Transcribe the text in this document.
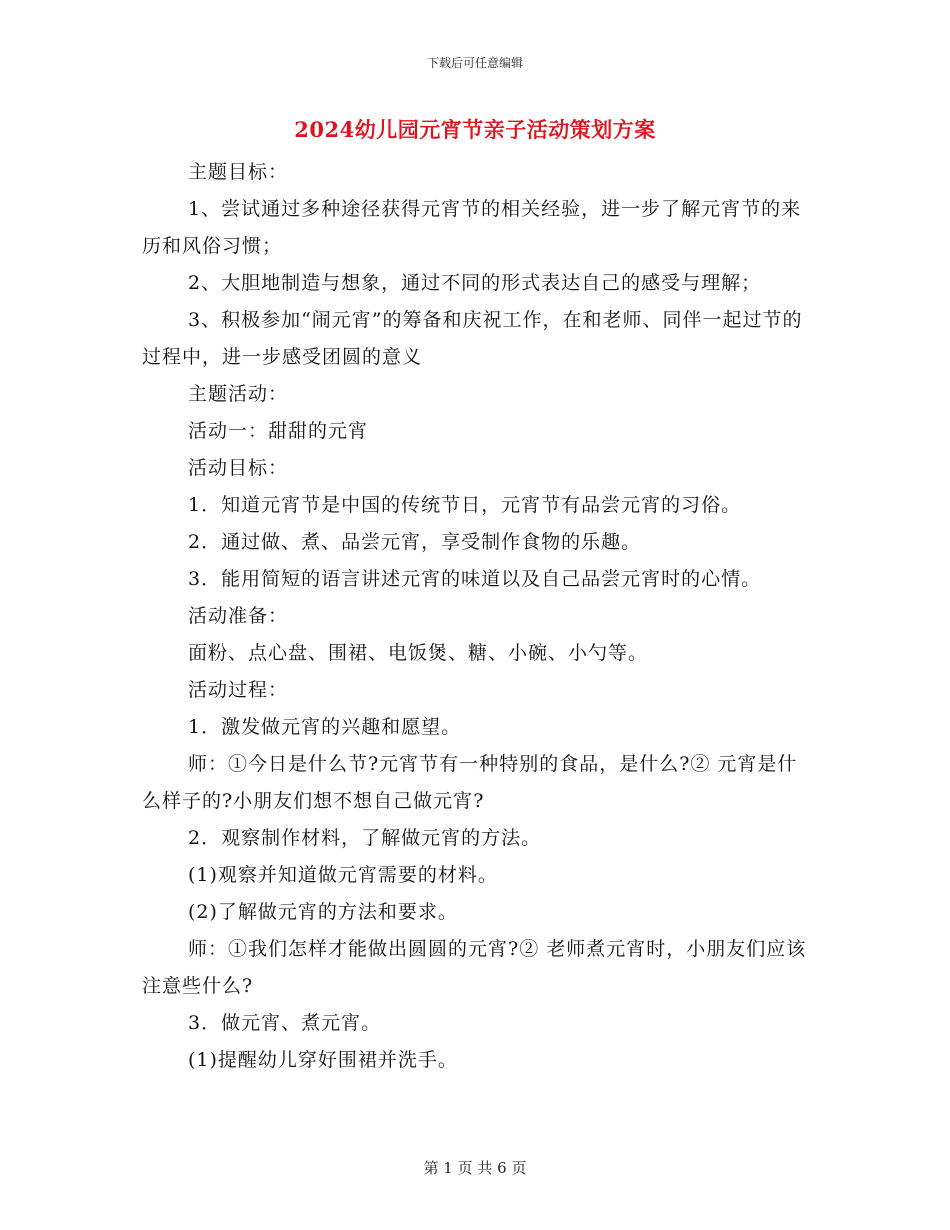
下载后可任意编辑
2024幼儿园元宵节亲子活动策划方案

主题目标：

1、尝试通过多种途径获得元宵节的相关经验，进一步了解元宵节的来历和风俗习惯；

2、大胆地制造与想象，通过不同的形式表达自己的感受与理解；

3、积极参加“闹元宵”的筹备和庆祝工作，在和老师、同伴一起过节的过程中，进一步感受团圆的意义

主题活动：

活动一：甜甜的元宵

活动目标：

1．知道元宵节是中国的传统节日，元宵节有品尝元宵的习俗。

2．通过做、煮、品尝元宵，享受制作食物的乐趣。

3．能用简短的语言讲述元宵的味道以及自己品尝元宵时的心情。

活动准备：

面粉、点心盘、围裙、电饭煲、糖、小碗、小勺等。

活动过程：

1．激发做元宵的兴趣和愿望。

师：①今日是什么节?元宵节有一种特别的食品，是什么?② 元宵是什么样子的?小朋友们想不想自己做元宵?

2．观察制作材料，了解做元宵的方法。

(1)观察并知道做元宵需要的材料。

(2)了解做元宵的方法和要求。

师：①我们怎样才能做出圆圆的元宵?② 老师煮元宵时，小朋友们应该注意些什么?

3．做元宵、煮元宵。

(1)提醒幼儿穿好围裙并洗手。

第 1 页 共 6 页
